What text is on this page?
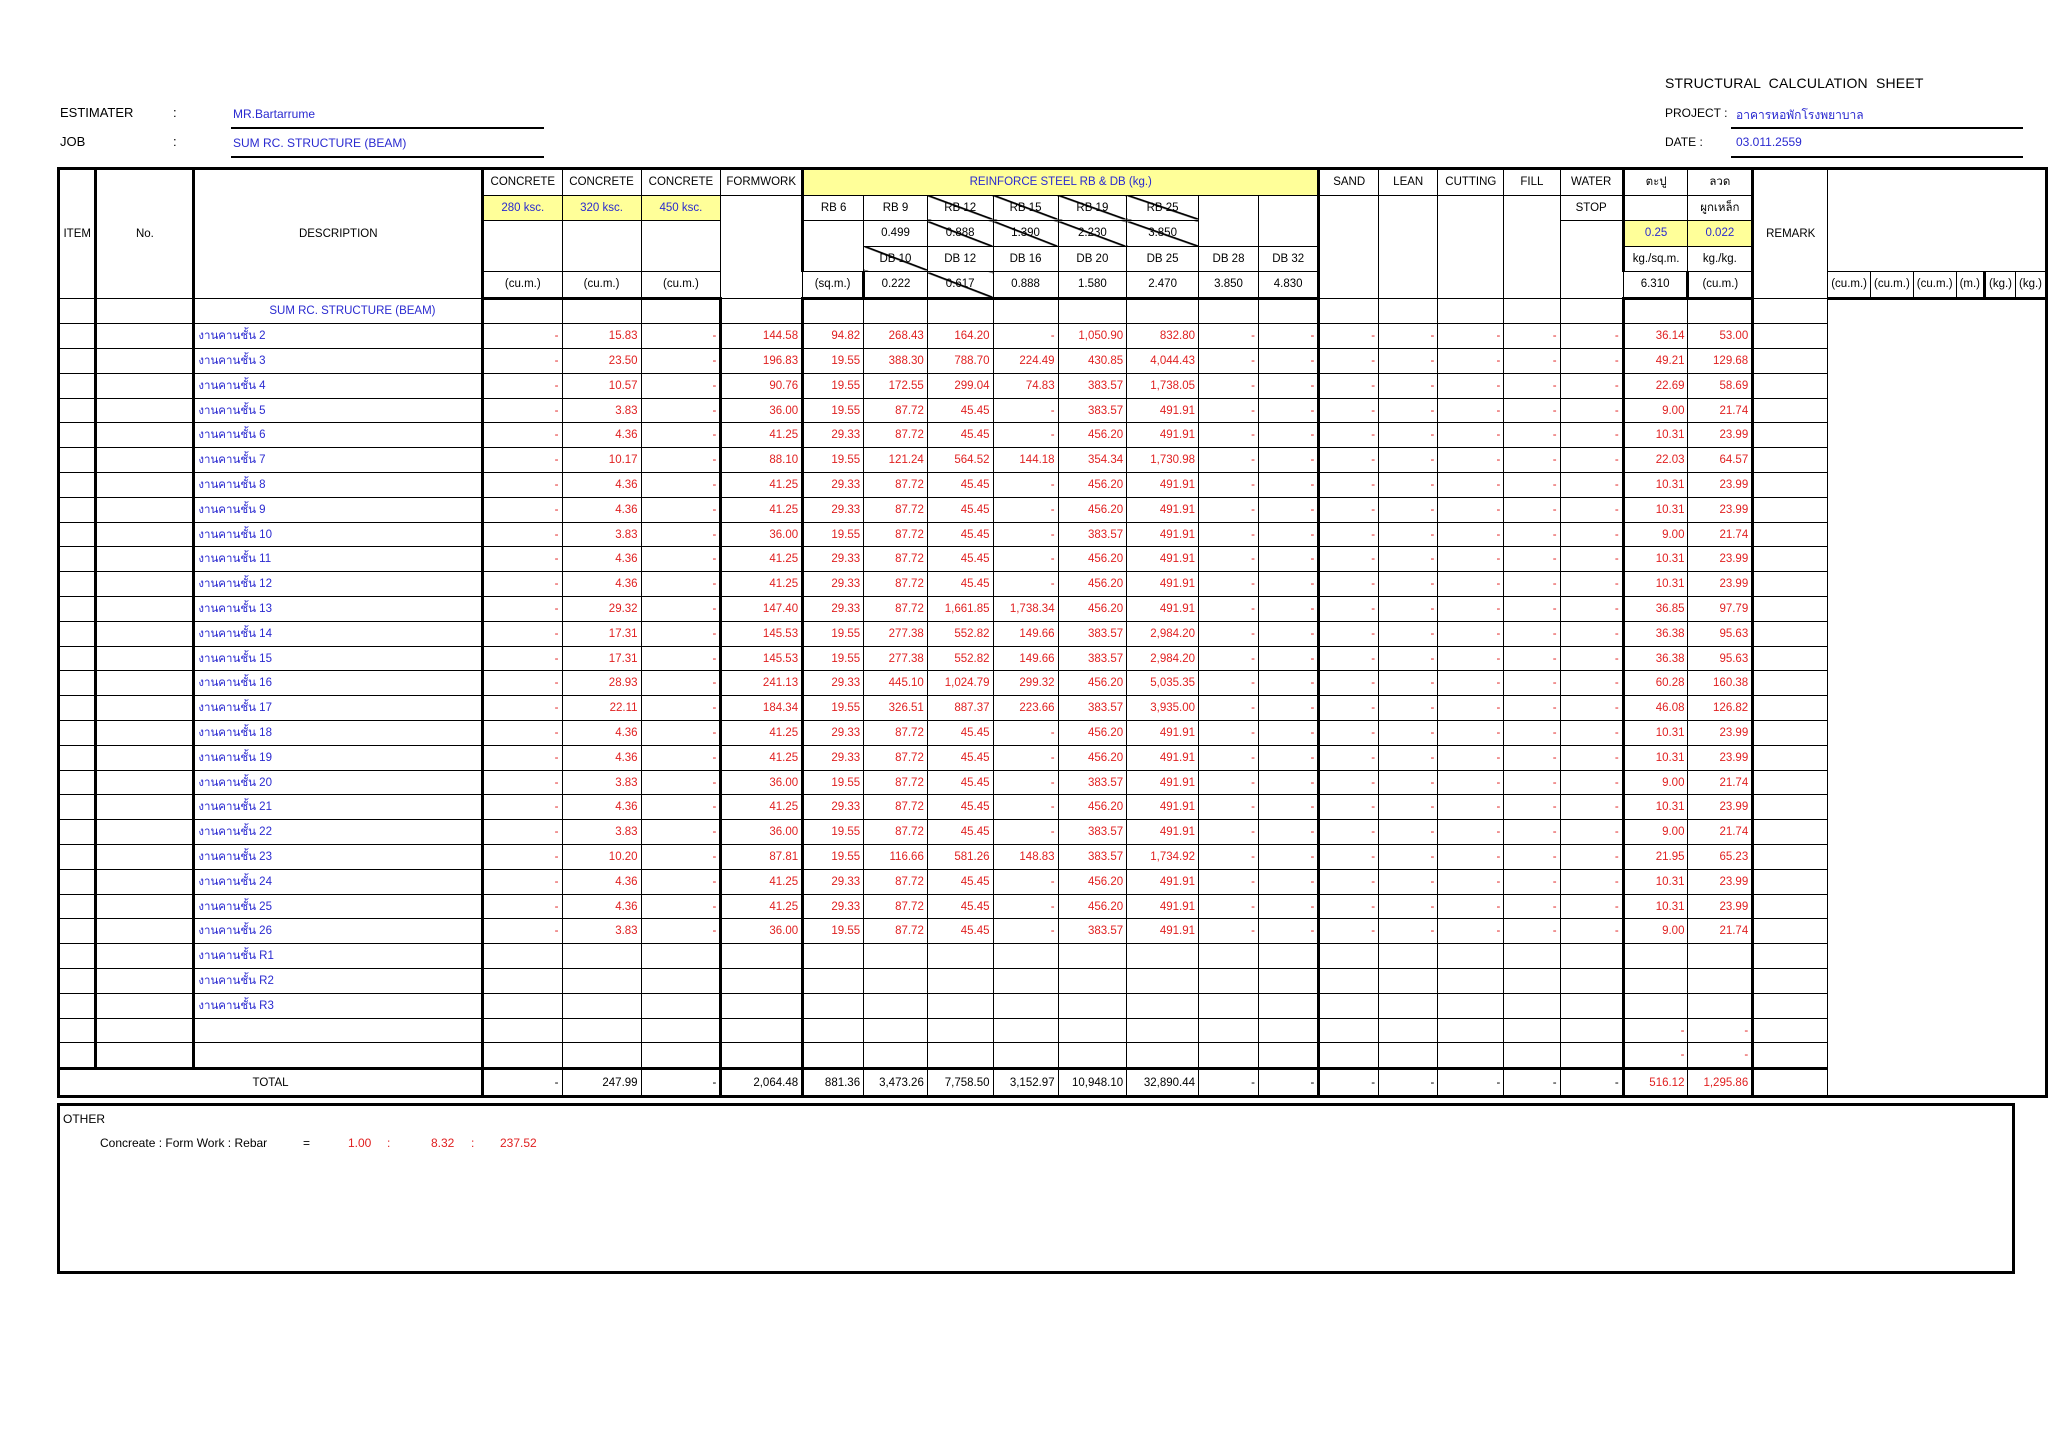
STRUCTURAL CALCULATION SHEET
ESTIMATER	:	MR.Bartarrume
JOB	:	SUM RC. STRUCTURE (BEAM)
PROJECT : อาคารหอพักโรงพยาบาล
DATE :	03.011.2559
ITEM	No.	DESCRIPTION	CONCRETE	CONCRETE	CONCRETE	FORMWORK	REINFORCE STEEL RB & DB (kg.)								SAND	LEAN	CUTTING	FILL	WATER	ตะปู	ลวด	REMARK						
			280 ksc.	320 ksc.	450 ksc.		RB 6	RB 9	RB 12	RB 15	RB 19	RB 25							STOP		ผูกเหล็ก							
								0.499	0.888	1.390	2.230	3.850								0.25	0.022							
								DB 10	DB 12	DB 16	DB 20	DB 25	DB 28	DB 32						kg./sq.m.	kg./kg.							
			(cu.m.)	(cu.m.)	(cu.m.)		(sq.m.)	0.222	0.617	0.888	1.580	2.470	3.850	4.830						6.310	(cu.m.)		(cu.m.)	(cu.m.)	(cu.m.)	(m.)	(kg.)	(kg.)
		SUM RC. STRUCTURE (BEAM)																										
		งานคานชั้น 2	-	15.83	-	144.58	94.82	268.43	164.20	-	1,050.90	832.80	-	-	-	-	-	-	-	36.14	53.00							
		งานคานชั้น 3	-	23.50	-	196.83	19.55	388.30	788.70	224.49	430.85	4,044.43	-	-	-	-	-	-	-	49.21	129.68							
		งานคานชั้น 4	-	10.57	-	90.76	19.55	172.55	299.04	74.83	383.57	1,738.05	-	-	-	-	-	-	-	22.69	58.69							
		งานคานชั้น 5	-	3.83	-	36.00	19.55	87.72	45.45	-	383.57	491.91	-	-	-	-	-	-	-	9.00	21.74							
		งานคานชั้น 6	-	4.36	-	41.25	29.33	87.72	45.45	-	456.20	491.91	-	-	-	-	-	-	-	10.31	23.99							
		งานคานชั้น 7	-	10.17	-	88.10	19.55	121.24	564.52	144.18	354.34	1,730.98	-	-	-	-	-	-	-	22.03	64.57							
		งานคานชั้น 8	-	4.36	-	41.25	29.33	87.72	45.45	-	456.20	491.91	-	-	-	-	-	-	-	10.31	23.99							
		งานคานชั้น 9	-	4.36	-	41.25	29.33	87.72	45.45	-	456.20	491.91	-	-	-	-	-	-	-	10.31	23.99							
		งานคานชั้น 10	-	3.83	-	36.00	19.55	87.72	45.45	-	383.57	491.91	-	-	-	-	-	-	-	9.00	21.74							
		งานคานชั้น 11	-	4.36	-	41.25	29.33	87.72	45.45	-	456.20	491.91	-	-	-	-	-	-	-	10.31	23.99							
		งานคานชั้น 12	-	4.36	-	41.25	29.33	87.72	45.45	-	456.20	491.91	-	-	-	-	-	-	-	10.31	23.99							
		งานคานชั้น 13	-	29.32	-	147.40	29.33	87.72	1,661.85	1,738.34	456.20	491.91	-	-	-	-	-	-	-	36.85	97.79							
		งานคานชั้น 14	-	17.31	-	145.53	19.55	277.38	552.82	149.66	383.57	2,984.20	-	-	-	-	-	-	-	36.38	95.63							
		งานคานชั้น 15	-	17.31	-	145.53	19.55	277.38	552.82	149.66	383.57	2,984.20	-	-	-	-	-	-	-	36.38	95.63							
		งานคานชั้น 16	-	28.93	-	241.13	29.33	445.10	1,024.79	299.32	456.20	5,035.35	-	-	-	-	-	-	-	60.28	160.38							
		งานคานชั้น 17	-	22.11	-	184.34	19.55	326.51	887.37	223.66	383.57	3,935.00	-	-	-	-	-	-	-	46.08	126.82							
		งานคานชั้น 18	-	4.36	-	41.25	29.33	87.72	45.45	-	456.20	491.91	-	-	-	-	-	-	-	10.31	23.99							
		งานคานชั้น 19	-	4.36	-	41.25	29.33	87.72	45.45	-	456.20	491.91	-	-	-	-	-	-	-	10.31	23.99							
		งานคานชั้น 20	-	3.83	-	36.00	19.55	87.72	45.45	-	383.57	491.91	-	-	-	-	-	-	-	9.00	21.74							
		งานคานชั้น 21	-	4.36	-	41.25	29.33	87.72	45.45	-	456.20	491.91	-	-	-	-	-	-	-	10.31	23.99							
		งานคานชั้น 22	-	3.83	-	36.00	19.55	87.72	45.45	-	383.57	491.91	-	-	-	-	-	-	-	9.00	21.74							
		งานคานชั้น 23	-	10.20	-	87.81	19.55	116.66	581.26	148.83	383.57	1,734.92	-	-	-	-	-	-	-	21.95	65.23							
		งานคานชั้น 24	-	4.36	-	41.25	29.33	87.72	45.45	-	456.20	491.91	-	-	-	-	-	-	-	10.31	23.99							
		งานคานชั้น 25	-	4.36	-	41.25	29.33	87.72	45.45	-	456.20	491.91	-	-	-	-	-	-	-	10.31	23.99							
		งานคานชั้น 26	-	3.83	-	36.00	19.55	87.72	45.45	-	383.57	491.91	-	-	-	-	-	-	-	9.00	21.74							
		งานคานชั้น R1																										
		งานคานชั้น R2																										
		งานคานชั้น R3																										
																				-	-							
																				-	-							
TOTAL			-	247.99	-	2,064.48	881.36	3,473.26	7,758.50	3,152.97	10,948.10	32,890.44	-	-	-	-	-	-	-	516.12	1,295.86							
OTHER
Concreate : Form Work : Rebar	=	1.00 :	8.32 : 237.52
